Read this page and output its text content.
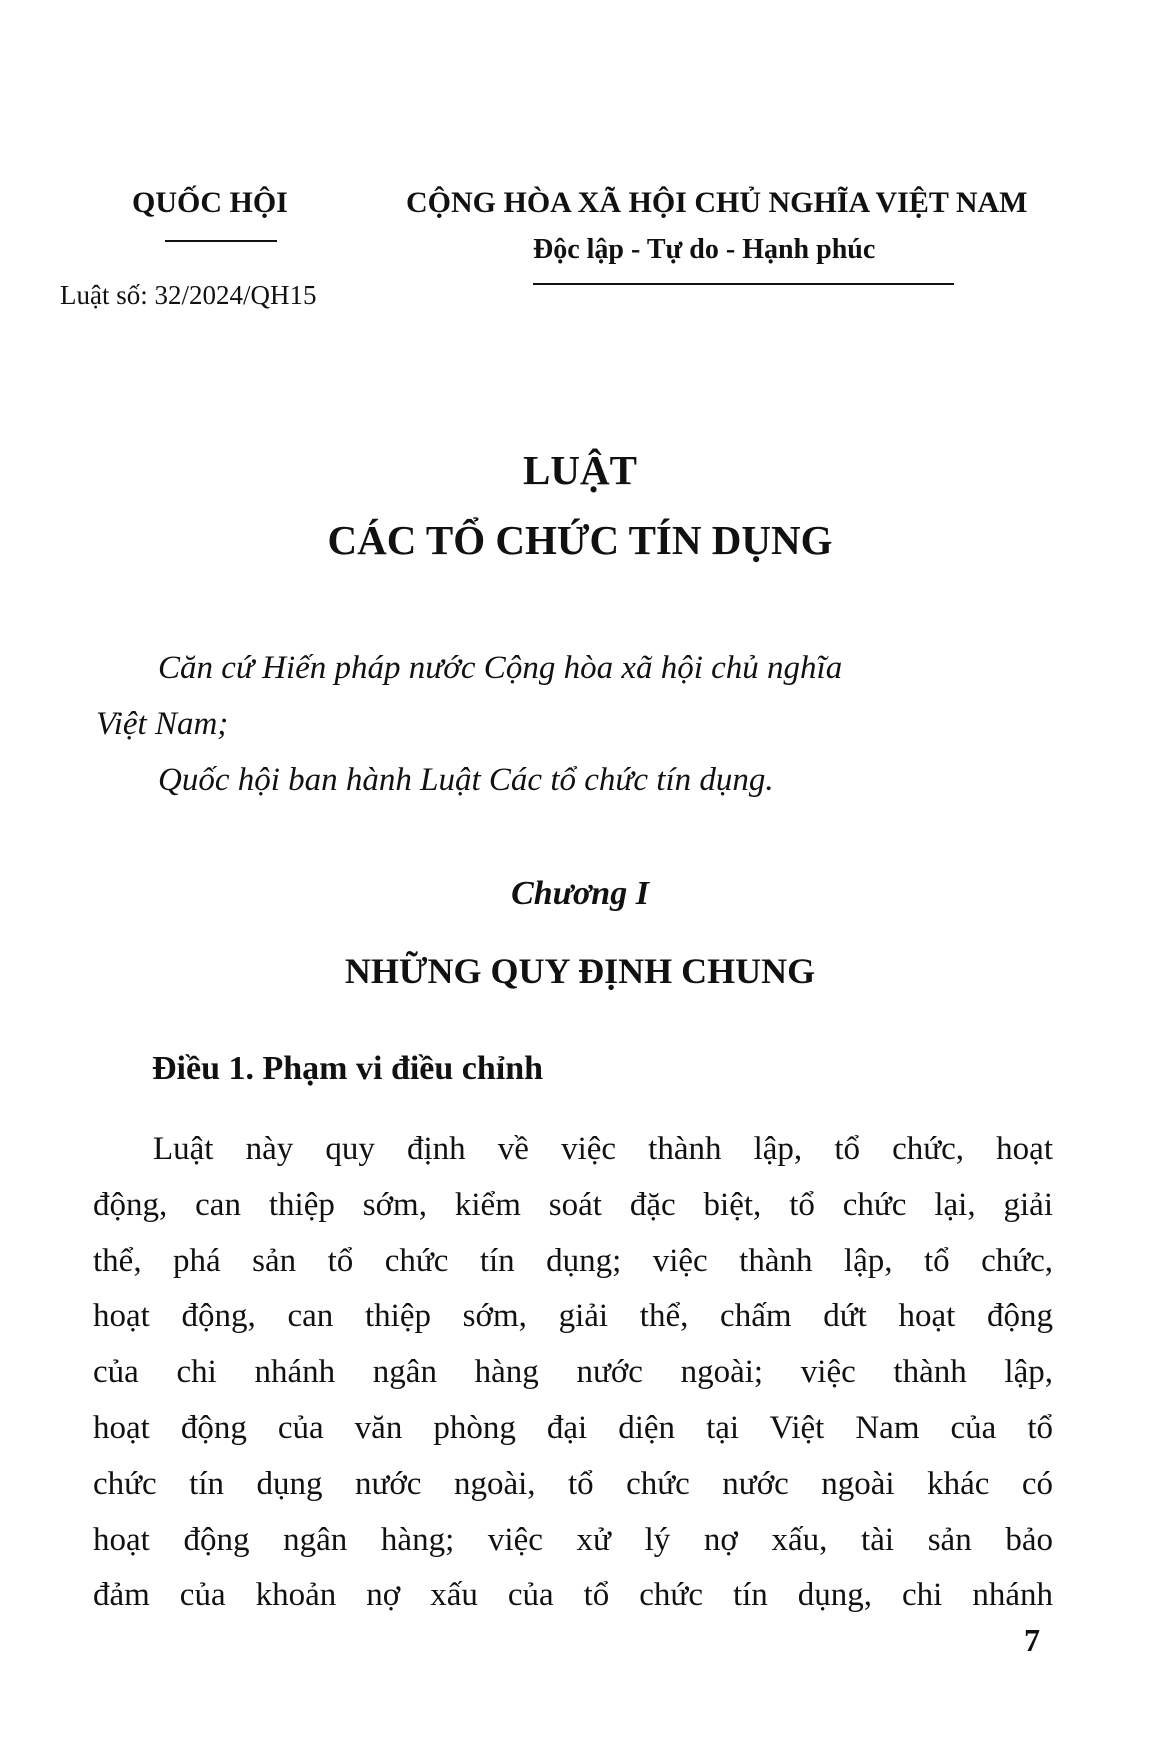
QUỐC HỘI
Luật số: 32/2024/QH15
CỘNG HÒA XÃ HỘI CHỦ NGHĨA VIỆT NAM
Độc lập - Tự do - Hạnh phúc
LUẬT
CÁC TỔ CHỨC TÍN DỤNG
Căn cứ Hiến pháp nước Cộng hòa xã hội chủ nghĩa
Việt Nam;
Quốc hội ban hành Luật Các tổ chức tín dụng.
Chương I
NHỮNG QUY ĐỊNH CHUNG
Điều 1. Phạm vi điều chỉnh
Luật này quy định về việc thành lập, tổ chức, hoạt
động, can thiệp sớm, kiểm soát đặc biệt, tổ chức lại, giải
thể, phá sản tổ chức tín dụng; việc thành lập, tổ chức,
hoạt động, can thiệp sớm, giải thể, chấm dứt hoạt động
của chi nhánh ngân hàng nước ngoài; việc thành lập,
hoạt động của văn phòng đại diện tại Việt Nam của tổ
chức tín dụng nước ngoài, tổ chức nước ngoài khác có
hoạt động ngân hàng; việc xử lý nợ xấu, tài sản bảo
đảm của khoản nợ xấu của tổ chức tín dụng, chi nhánh
7
